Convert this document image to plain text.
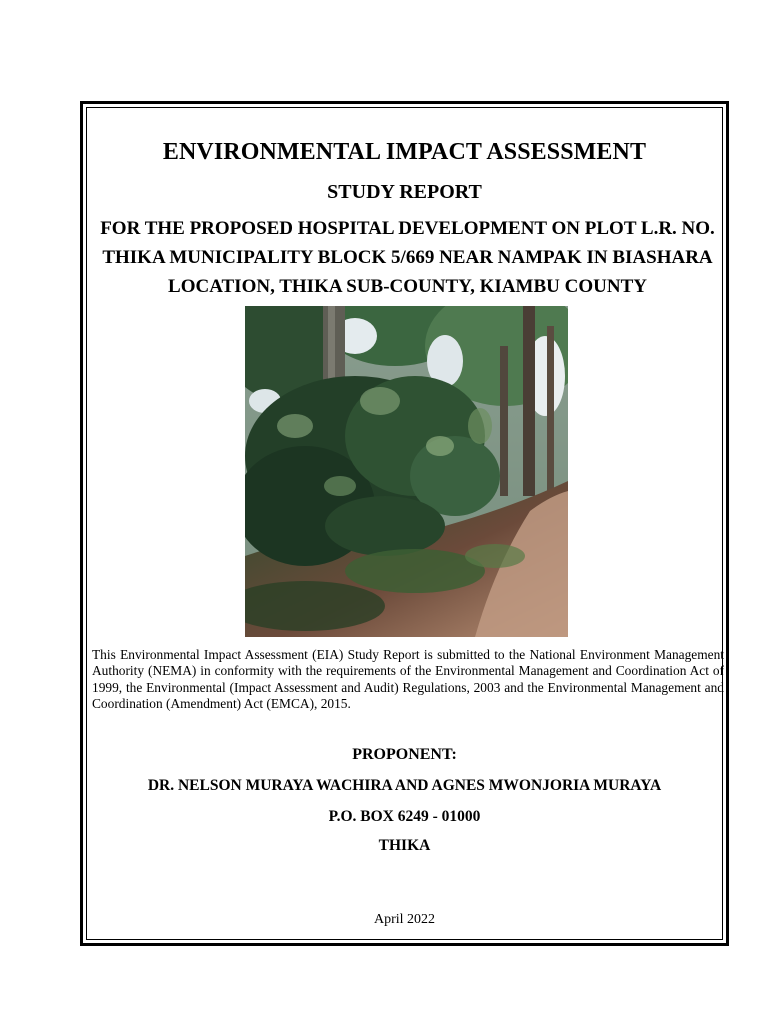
ENVIRONMENTAL IMPACT ASSESSMENT
STUDY REPORT
FOR THE PROPOSED HOSPITAL DEVELOPMENT ON PLOT L.R. NO. THIKA MUNICIPALITY BLOCK 5/669 NEAR NAMPAK IN BIASHARA LOCATION, THIKA SUB-COUNTY, KIAMBU COUNTY
This Environmental Impact Assessment (EIA) Study Report is submitted to the National Environment Management Authority (NEMA) in conformity with the requirements of the Environmental Management and Coordination Act of 1999, the Environmental (Impact Assessment and Audit) Regulations, 2003 and the Environmental Management and Coordination (Amendment) Act (EMCA), 2015.
PROPONENT:
DR. NELSON MURAYA WACHIRA AND AGNES MWONJORIA MURAYA
P.O. BOX 6249 - 01000
THIKA
April 2022
